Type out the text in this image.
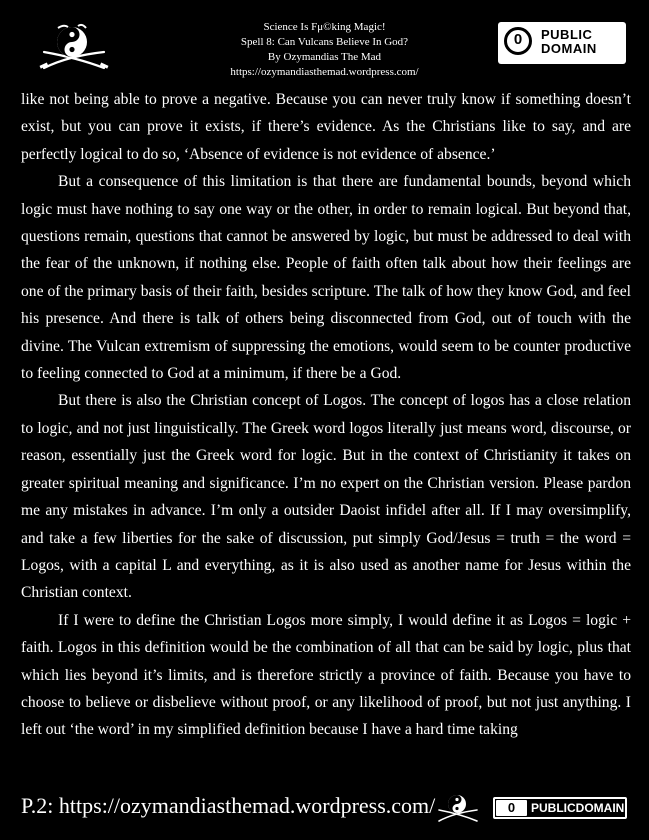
Science Is Fμ©king Magic!
Spell 8: Can Vulcans Believe In God?
By Ozymandias The Mad
https://ozymandiasthemad.wordpress.com/
0	PUBLIC
DOMAIN

like not being able to prove a negative. Because you can never truly know if something doesn’t exist, but you can prove it exists, if there’s evidence. As the Christians like to say, and are perfectly logical to do so, ‘Absence of evidence is not evidence of absence.’

But a consequence of this limitation is that there are fundamental bounds, beyond which logic must have nothing to say one way or the other, in order to remain logical. But beyond that, questions remain, questions that cannot be answered by logic, but must be addressed to deal with the fear of the unknown, if nothing else. People of faith often talk about how their feelings are one of the primary basis of their faith, besides scripture. The talk of how they know God, and feel his presence. And there is talk of others being disconnected from God, out of touch with the divine. The Vulcan extremism of suppressing the emotions, would seem to be counter productive to feeling connected to God at a minimum, if there be a God.

But there is also the Christian concept of Logos. The concept of logos has a close relation to logic, and not just linguistically. The Greek word logos literally just means word, discourse, or reason, essentially just the Greek word for logic. But in the context of Christianity it takes on greater spiritual meaning and significance. I’m no expert on the Christian version. Please pardon me any mistakes in advance. I’m only a outsider Daoist infidel after all. If I may oversimplify, and take a few liberties for the sake of discussion, put simply God/Jesus = truth = the word = Logos, with a capital L and everything, as it is also used as another name for Jesus within the Christian context.

If I were to define the Christian Logos more simply, I would define it as Logos = logic + faith. Logos in this definition would be the combination of all that can be said by logic, plus that which lies beyond it’s limits, and is therefore strictly a province of faith. Because you have to choose to believe or disbelieve without proof, or any likelihood of proof, but not just anything. I left out ‘the word’ in my simplified definition because I have a hard time taking

P.2: https://ozymandiasthemad.wordpress.com/	0	PUBLICDOMAIN
